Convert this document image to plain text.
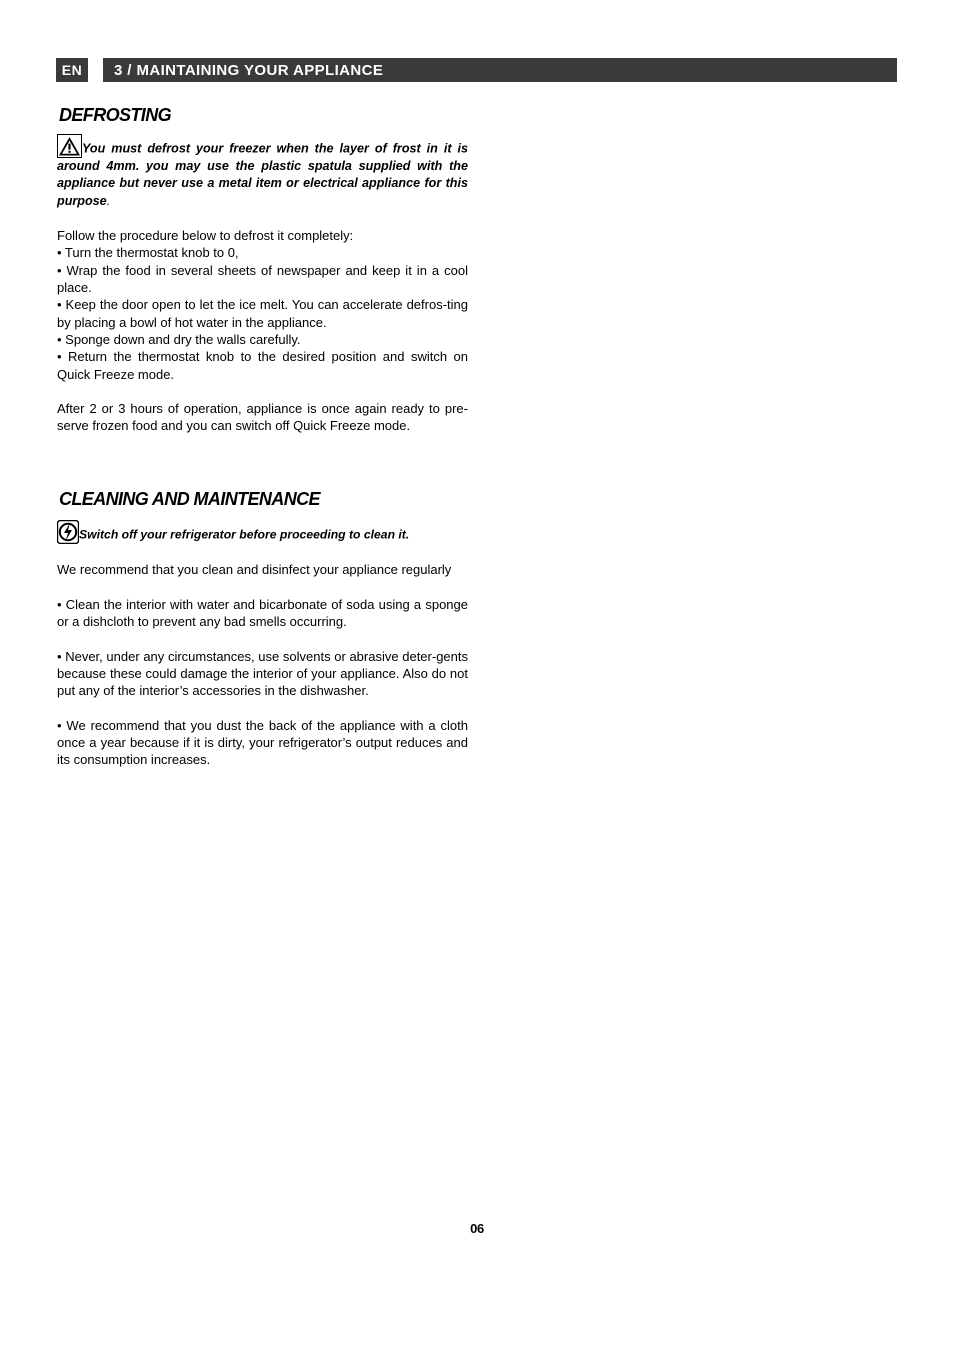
EN	3 / MAINTAINING YOUR APPLIANCE
DEFROSTING

You must defrost your freezer when the layer of frost in it is around 4mm. you may use the plastic spatula supplied with the appliance but never use a metal item or electrical appliance for this purpose.

Follow the procedure below to defrost it completely:
• Turn the thermostat knob to 0,
• Wrap the food in several sheets of newspaper and keep it in a cool place.
• Keep the door open to let the ice melt. You can accelerate defros-ting by placing a bowl of hot water in the appliance.
• Sponge down and dry the walls carefully.
• Return the thermostat knob to the desired position and switch on Quick Freeze mode.

After 2 or 3 hours of operation, appliance is once again ready to pre-serve frozen food and you can switch off Quick Freeze mode.

CLEANING AND MAINTENANCE

Switch off your refrigerator before proceeding to clean it.

We recommend that you clean and disinfect your appliance regularly

• Clean the interior with water and bicarbonate of soda using a sponge or a dishcloth to prevent any bad smells occurring.

• Never, under any circumstances, use solvents or abrasive deter-gents because these could damage the interior of your appliance. Also do not put any of the interior’s accessories in the dishwasher.

• We recommend that you dust the back of the appliance with a cloth once a year because if it is dirty, your refrigerator’s output reduces and its consumption increases.

06
